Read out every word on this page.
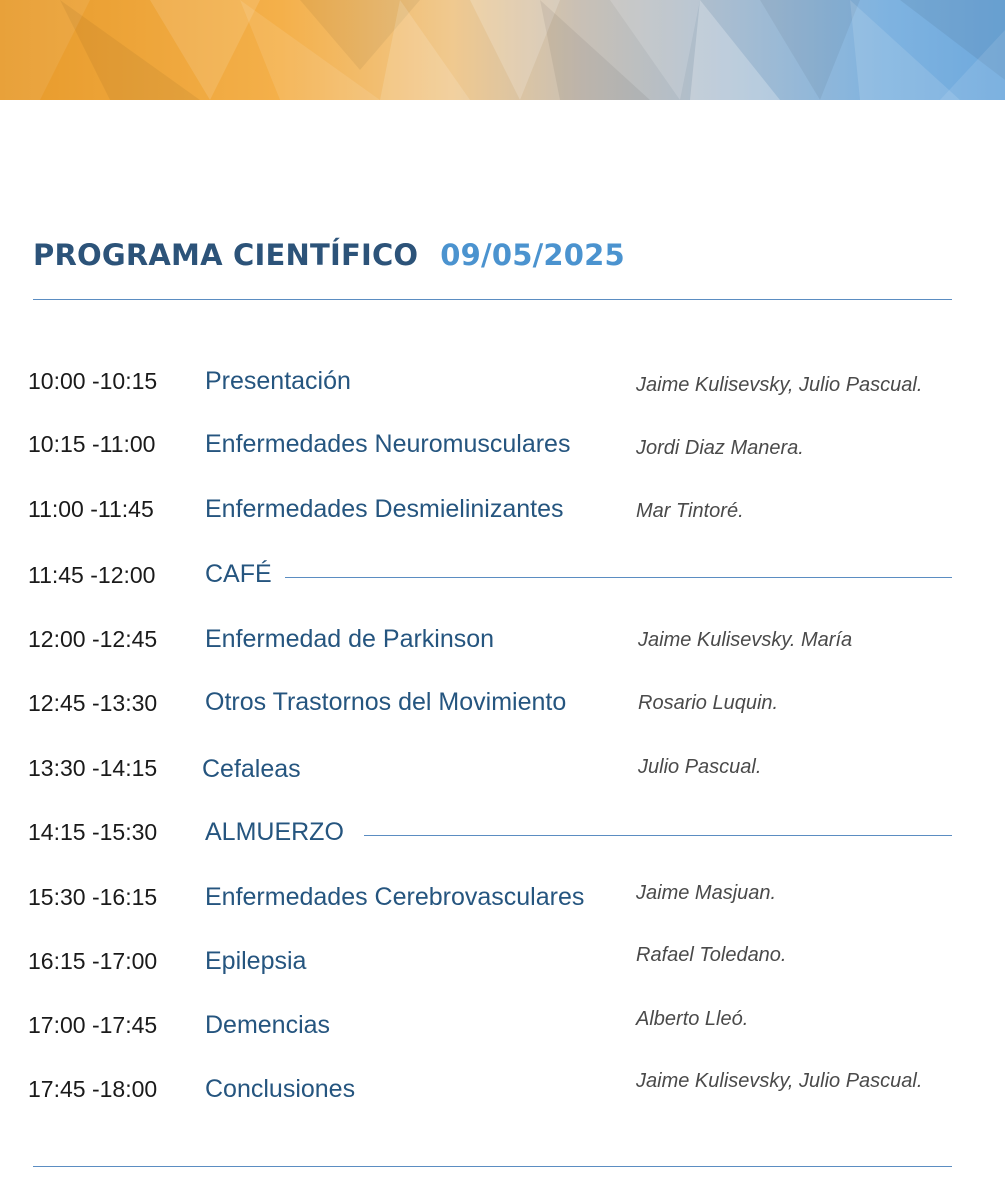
PROGRAMA CIENTÍFICO 09/05/2025
10:00 -10:15 Presentación	Jaime Kulisevsky, Julio Pascual.
10:15 -11:00 Enfermedades Neuromusculares	Jordi Diaz Manera.
11:00 -11:45 Enfermedades Desmielinizantes	Mar Tintoré.
11:45 -12:00 CAFÉ
12:00 -12:45 Enfermedad de Parkinson	Jaime Kulisevsky. María
12:45 -13:30 Otros Trastornos del Movimiento	Rosario Luquin.
13:30 -14:15 Cefaleas	Julio Pascual.
14:15 -15:30 ALMUERZO
15:30 -16:15 Enfermedades Cerebrovasculares	Jaime Masjuan.
16:15 -17:00 Epilepsia	Rafael Toledano.
17:00 -17:45 Demencias	Alberto Lleó.
17:45 -18:00 Conclusiones	Jaime Kulisevsky, Julio Pascual.
